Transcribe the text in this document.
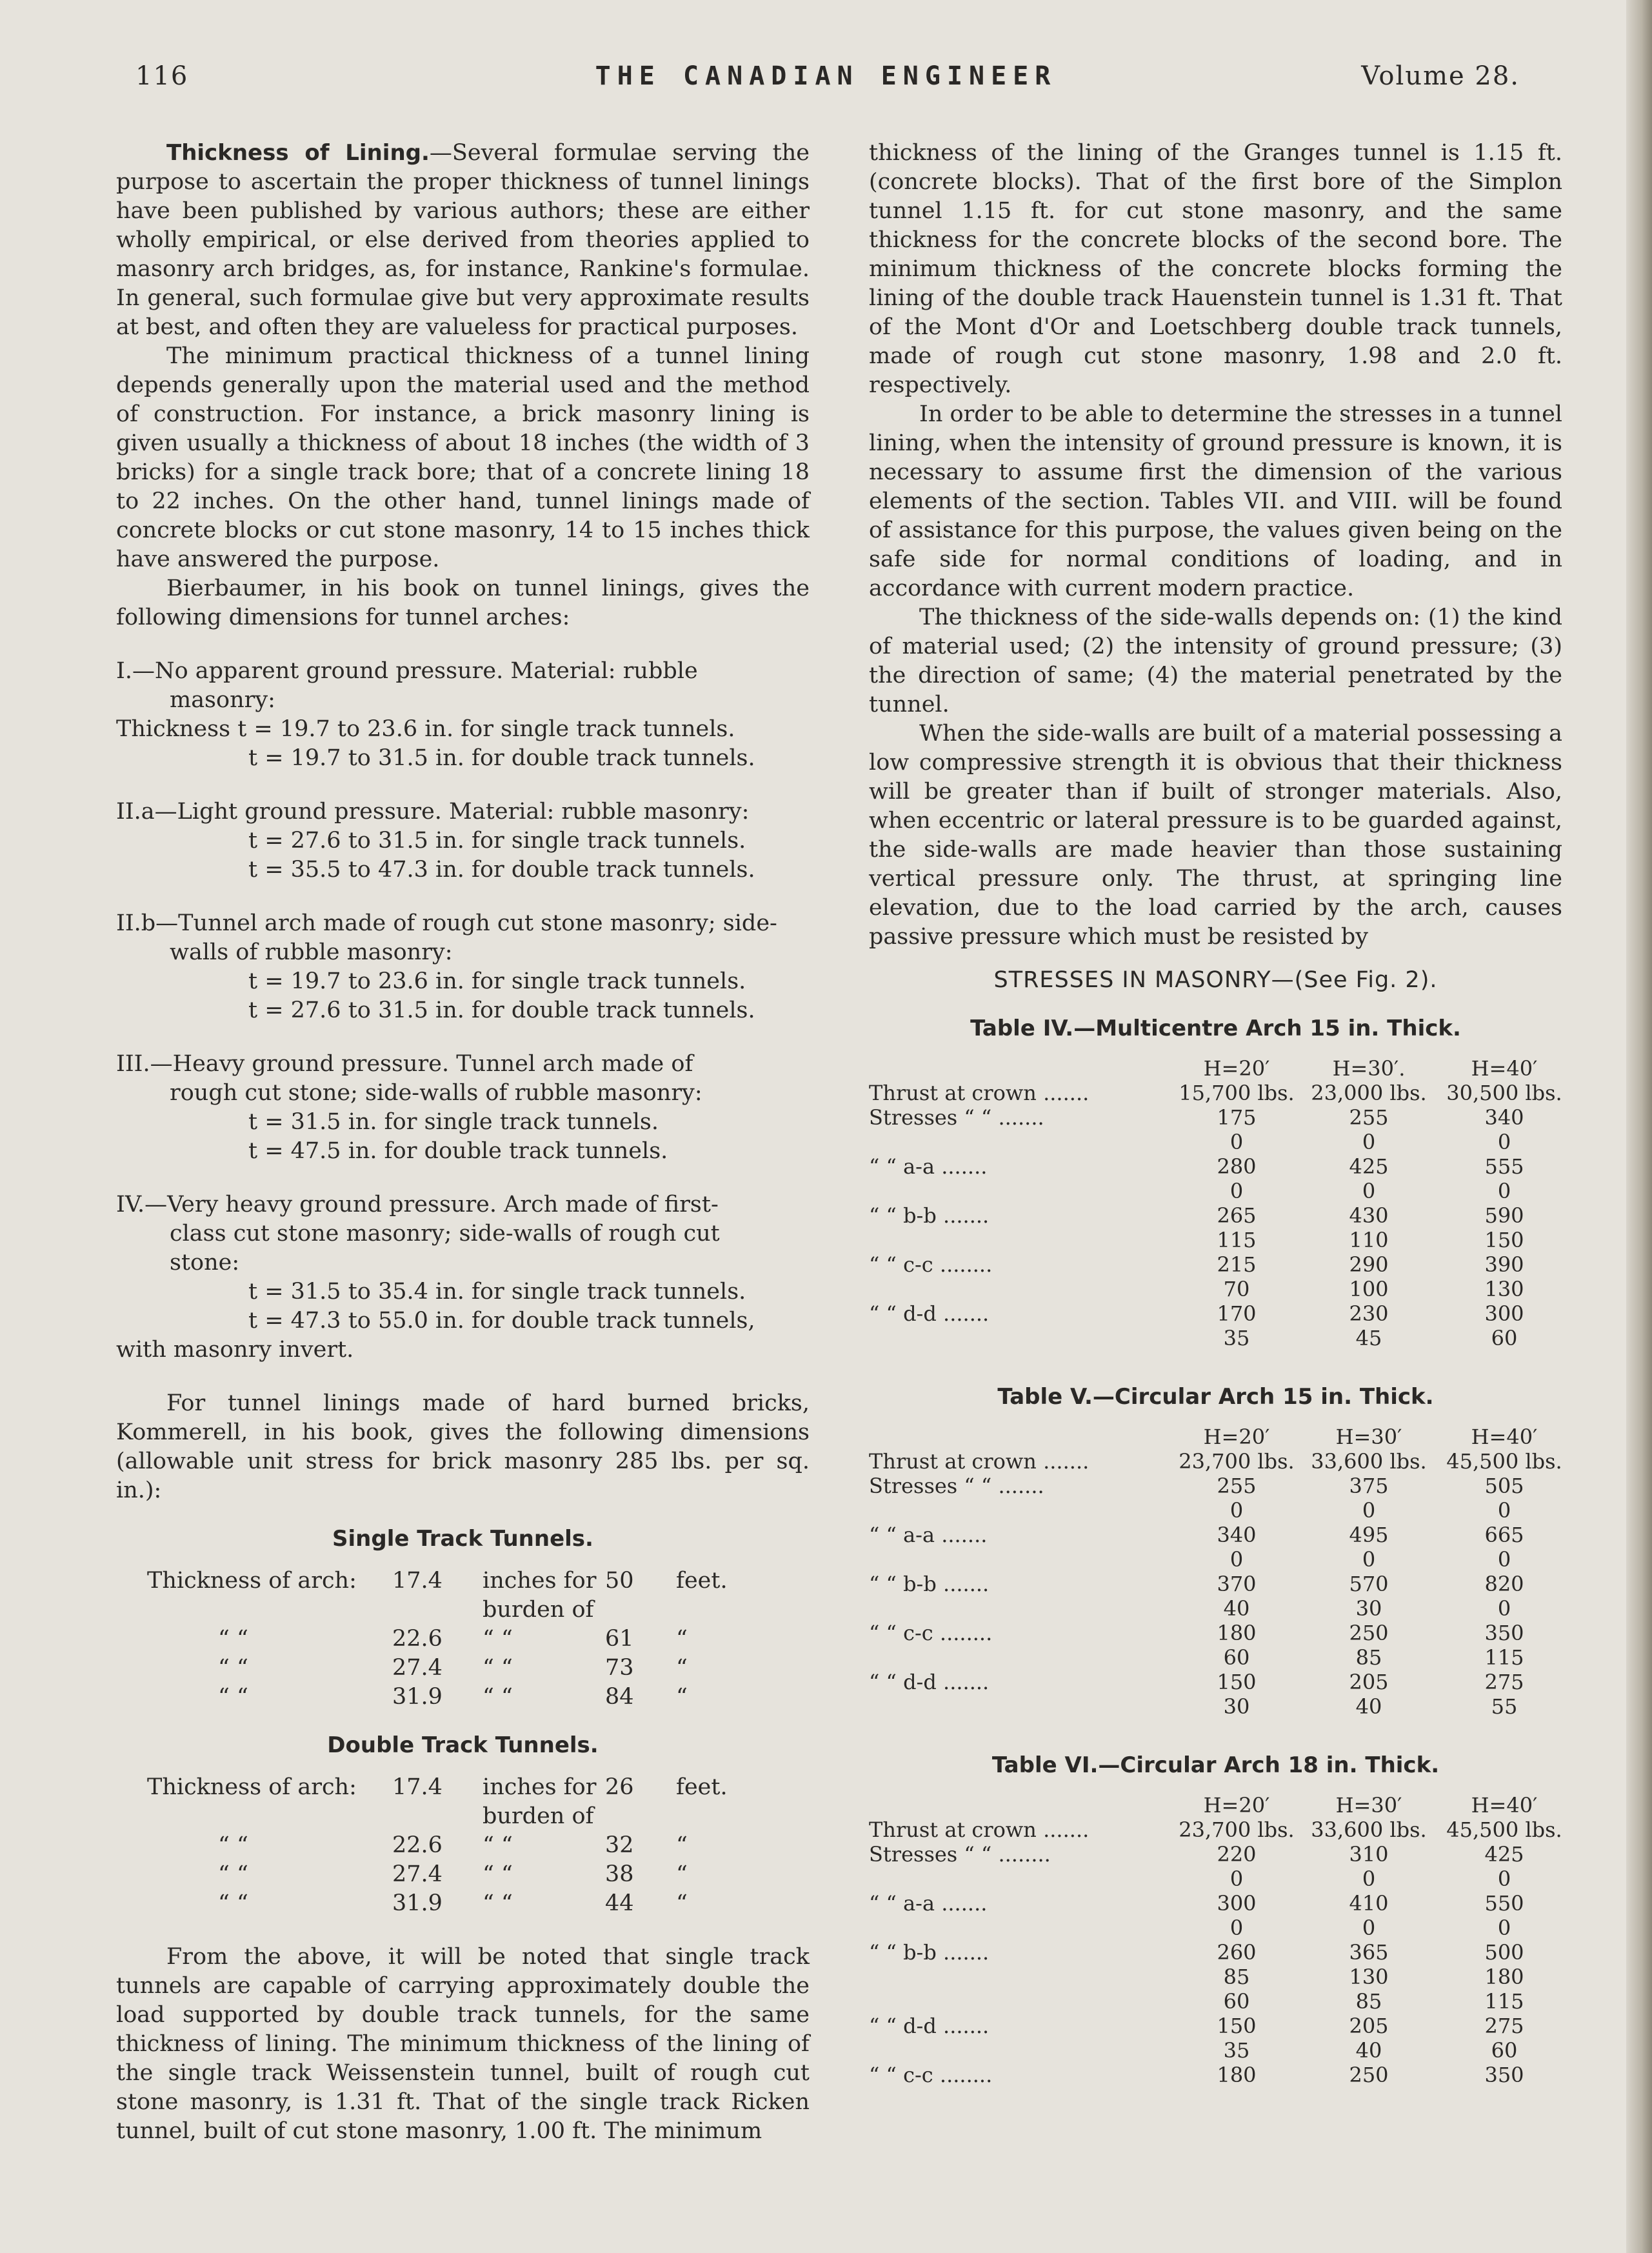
116	THE CANADIAN ENGINEER	Volume 28.

Thickness of Lining.—Several formulae serving the purpose to ascertain the proper thickness of tunnel linings have been published by various authors; these are either wholly empirical, or else derived from theories applied to masonry arch bridges, as, for instance, Rankine's formulae. In general, such formulae give but very approximate results at best, and often they are valueless for practical purposes.

The minimum practical thickness of a tunnel lining depends generally upon the material used and the method of construction. For instance, a brick masonry lining is given usually a thickness of about 18 inches (the width of 3 bricks) for a single track bore; that of a concrete lining 18 to 22 inches. On the other hand, tunnel linings made of concrete blocks or cut stone masonry, 14 to 15 inches thick have answered the purpose.

Bierbaumer, in his book on tunnel linings, gives the following dimensions for tunnel arches:

I.—No apparent ground pressure. Material: rubble
masonry:
Thickness t = 19.7 to 23.6 in. for single track tunnels.
t = 19.7 to 31.5 in. for double track tunnels.
II.a—Light ground pressure. Material: rubble masonry:
t = 27.6 to 31.5 in. for single track tunnels.
t = 35.5 to 47.3 in. for double track tunnels.
II.b—Tunnel arch made of rough cut stone masonry; side-
walls of rubble masonry:
t = 19.7 to 23.6 in. for single track tunnels.
t = 27.6 to 31.5 in. for double track tunnels.
III.—Heavy ground pressure. Tunnel arch made of
rough cut stone; side-walls of rubble masonry:
t = 31.5 in. for single track tunnels.
t = 47.5 in. for double track tunnels.
IV.—Very heavy ground pressure. Arch made of first-
class cut stone masonry; side-walls of rough cut
stone:
t = 31.5 to 35.4 in. for single track tunnels.
t = 47.3 to 55.0 in. for double track tunnels,
with masonry invert.

For tunnel linings made of hard burned bricks, Kommerell, in his book, gives the following dimensions (allowable unit stress for brick masonry 285 lbs. per sq. in.):

Single Track Tunnels.
Thickness of arch:	17.4	inches for burden of
50	feet.
“ “	22.6	“ “	61	“
“ “	27.4	“ “	73	“
“ “	31.9	“ “	84	“
Double Track Tunnels.
Thickness of arch:	17.4	inches for burden of
26	feet.
“ “	22.6	“ “	32	“
“ “	27.4	“ “	38	“
“ “	31.9	“ “	44	“

From the above, it will be noted that single track tunnels are capable of carrying approximately double the load supported by double track tunnels, for the same thickness of lining. The minimum thickness of the lining of the single track Weissenstein tunnel, built of rough cut stone masonry, is 1.31 ft. That of the single track Ricken tunnel, built of cut stone masonry, 1.00 ft. The minimum

thickness of the lining of the Granges tunnel is 1.15 ft. (concrete blocks). That of the first bore of the Simplon tunnel 1.15 ft. for cut stone masonry, and the same thickness for the concrete blocks of the second bore. The minimum thickness of the concrete blocks forming the lining of the double track Hauenstein tunnel is 1.31 ft. That of the Mont d'Or and Loetschberg double track tunnels, made of rough cut stone masonry, 1.98 and 2.0 ft. respectively.

In order to be able to determine the stresses in a tunnel lining, when the intensity of ground pressure is known, it is necessary to assume first the dimension of the various elements of the section. Tables VII. and VIII. will be found of assistance for this purpose, the values given being on the safe side for normal conditions of loading, and in accordance with current modern practice.

The thickness of the side-walls depends on: (1) the kind of material used; (2) the intensity of ground pressure; (3) the direction of same; (4) the material penetrated by the tunnel.

When the side-walls are built of a material possessing a low compressive strength it is obvious that their thickness will be greater than if built of stronger materials. Also, when eccentric or lateral pressure is to be guarded against, the side-walls are made heavier than those sustaining vertical pressure only. The thrust, at springing line elevation, due to the load carried by the arch, causes passive pressure which must be resisted by

STRESSES IN MASONRY—(See Fig. 2).
Table IV.—Multicentre Arch 15 in. Thick.
H=20′	H=30′.	H=40′
Thrust at crown .......	15,700 lbs. 23,000 lbs. 30,500 lbs.
Stresses “ “ .......	175	255	340
0	0	0
“ “ a-a .......	280	425	555
0	0	0
“ “ b-b .......	265	430	590
115	110	150
“ “ c-c ........	215	290	390
70	100	130
“ “ d-d .......	170	230	300
35	45	60
Table V.—Circular Arch 15 in. Thick.
H=20′	H=30′	H=40′
Thrust at crown .......	23,700 lbs. 33,600 lbs. 45,500 lbs.
Stresses “ “ .......	255	375	505
0	0	0
“ “ a-a .......	340	495	665
0	0	0
“ “ b-b .......	370	570	820
40	30	0
“ “ c-c ........	180	250	350
60	85	115
“ “ d-d .......	150	205	275
30	40	55
Table VI.—Circular Arch 18 in. Thick.
H=20′	H=30′	H=40′
Thrust at crown .......	23,700 lbs. 33,600 lbs. 45,500 lbs.
Stresses “ “ ........	220	310	425
0	0	0
“ “ a-a .......	300	410	550
0	0	0
“ “ b-b .......	260	365	500
85	130	180
60	85	115
“ “ d-d .......	150	205	275
35	40	60
“ “ c-c ........	180	250	350
